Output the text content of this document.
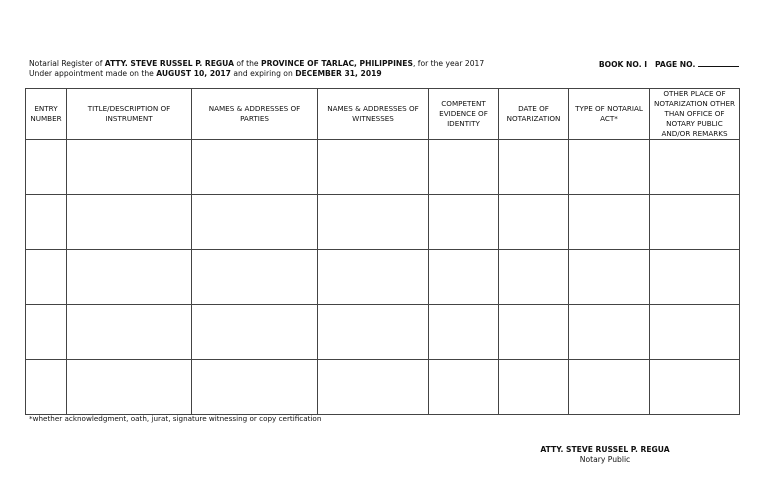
Notarial Register of ATTY. STEVE RUSSEL P. REGUA of the PROVINCE OF TARLAC, PHILIPPINES, for the year 2017
Under appointment made on the AUGUST 10, 2017 and expiring on DECEMBER 31, 2019
BOOK NO. I PAGE NO.
ENTRY NUMBER	TITLE/DESCRIPTION OF INSTRUMENT	NAMES & ADDRESSES OF PARTIES	NAMES & ADDRESSES OF WITNESSES	COMPETENT EVIDENCE OF IDENTITY	DATE OF NOTARIZATION	TYPE OF NOTARIAL ACT*	OTHER PLACE OF NOTARIZATION OTHER THAN OFFICE OF NOTARY PUBLIC AND/OR REMARKS

*whether acknowledgment, oath, jurat, signature witnessing or copy certification
ATTY. STEVE RUSSEL P. REGUA
Notary Public
